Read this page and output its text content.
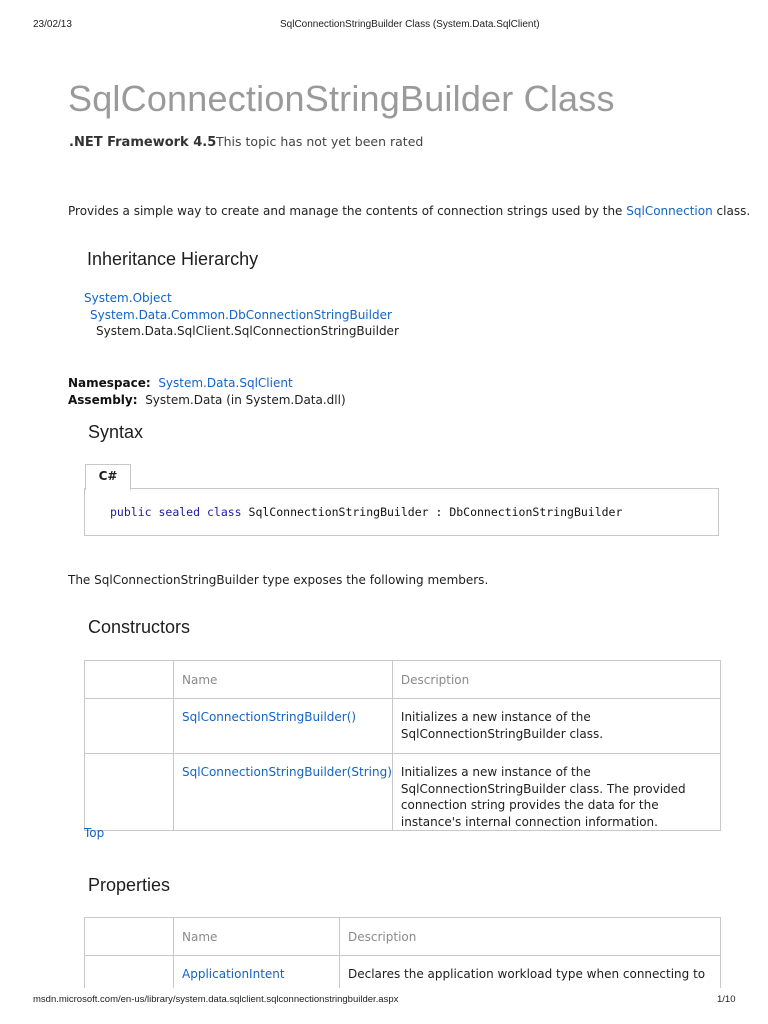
23/02/13	SqlConnectionStringBuilder Class (System.Data.SqlClient)
SqlConnectionStringBuilder Class
.NET Framework 4.5 This topic has not yet been rated
Provides a simple way to create and manage the contents of connection strings used by the SqlConnection class.
Inheritance Hierarchy
System.Object
System.Data.Common.DbConnectionStringBuilder
System.Data.SqlClient.SqlConnectionStringBuilder
Namespace: System.Data.SqlClient
Assembly: System.Data (in System.Data.dll)
Syntax
C#
public sealed class SqlConnectionStringBuilder : DbConnectionStringBuilder
The SqlConnectionStringBuilder type exposes the following members.
Constructors
	Name	Description
	SqlConnectionStringBuilder()	Initializes a new instance of the SqlConnectionStringBuilder class.
	SqlConnectionStringBuilder(String)	Initializes a new instance of the SqlConnectionStringBuilder class. The provided connection string provides the data for the instance's internal connection information.
Top
Properties
	Name	Description
	ApplicationIntent	Declares the application workload type when connecting to
msdn.microsoft.com/en-us/library/system.data.sqlclient.sqlconnectionstringbuilder.aspx	1/10
